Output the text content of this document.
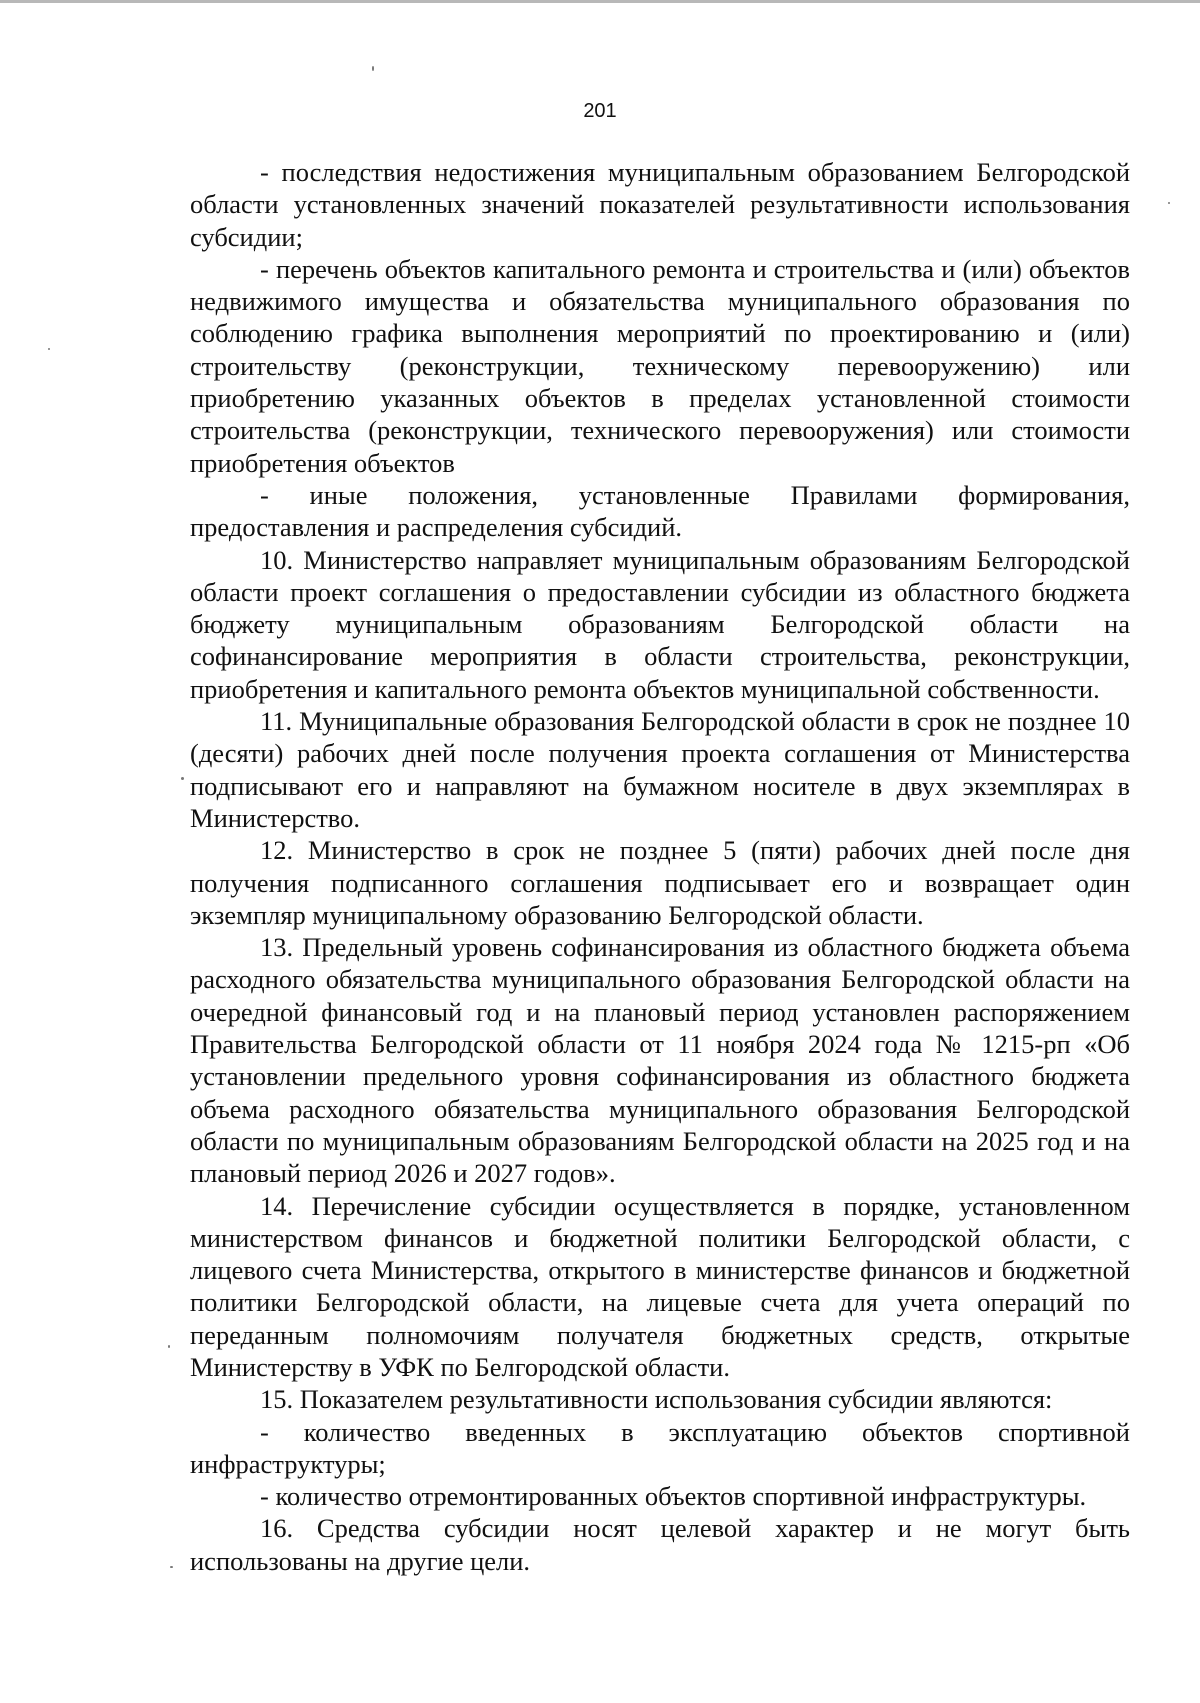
201

- последствия недостижения муниципальным образованием Белгородской области установленных значений показателей результативности использования субсидии;

- перечень объектов капитального ремонта и строительства и (или) объектов недвижимого имущества и обязательства муниципального образования по соблюдению графика выполнения мероприятий по проектированию и (или) строительству (реконструкции, техническому перевооружению) или приобретению указанных объектов в пределах установленной стоимости строительства (реконструкции, технического перевооружения) или стоимости приобретения объектов

- иные положения, установленные Правилами формирования, предоставления и распределения субсидий.

10. Министерство направляет муниципальным образованиям Белгородской области проект соглашения о предоставлении субсидии из областного бюджета бюджету муниципальным образованиям Белгородской области на софинансирование мероприятия в области строительства, реконструкции, приобретения и капитального ремонта объектов муниципальной собственности.

11. Муниципальные образования Белгородской области в срок не позднее 10 (десяти) рабочих дней после получения проекта соглашения от Министерства подписывают его и направляют на бумажном носителе в двух экземплярах в Министерство.

12. Министерство в срок не позднее 5 (пяти) рабочих дней после дня получения подписанного соглашения подписывает его и возвращает один экземпляр муниципальному образованию Белгородской области.

13. Предельный уровень софинансирования из областного бюджета объема расходного обязательства муниципального образования Белгородской области на очередной финансовый год и на плановый период установлен распоряжением Правительства Белгородской области от 11 ноября 2024 года № 1215-рп «Об установлении предельного уровня софинансирования из областного бюджета объема расходного обязательства муниципального образования Белгородской области по муниципальным образованиям Белгородской области на 2025 год и на плановый период 2026 и 2027 годов».

14. Перечисление субсидии осуществляется в порядке, установленном министерством финансов и бюджетной политики Белгородской области, с лицевого счета Министерства, открытого в министерстве финансов и бюджетной политики Белгородской области, на лицевые счета для учета операций по переданным полномочиям получателя бюджетных средств, открытые Министерству в УФК по Белгородской области.

15. Показателем результативности использования субсидии являются:

- количество введенных в эксплуатацию объектов спортивной инфраструктуры;

- количество отремонтированных объектов спортивной инфраструктуры.

16. Средства субсидии носят целевой характер и не могут быть использованы на другие цели.
